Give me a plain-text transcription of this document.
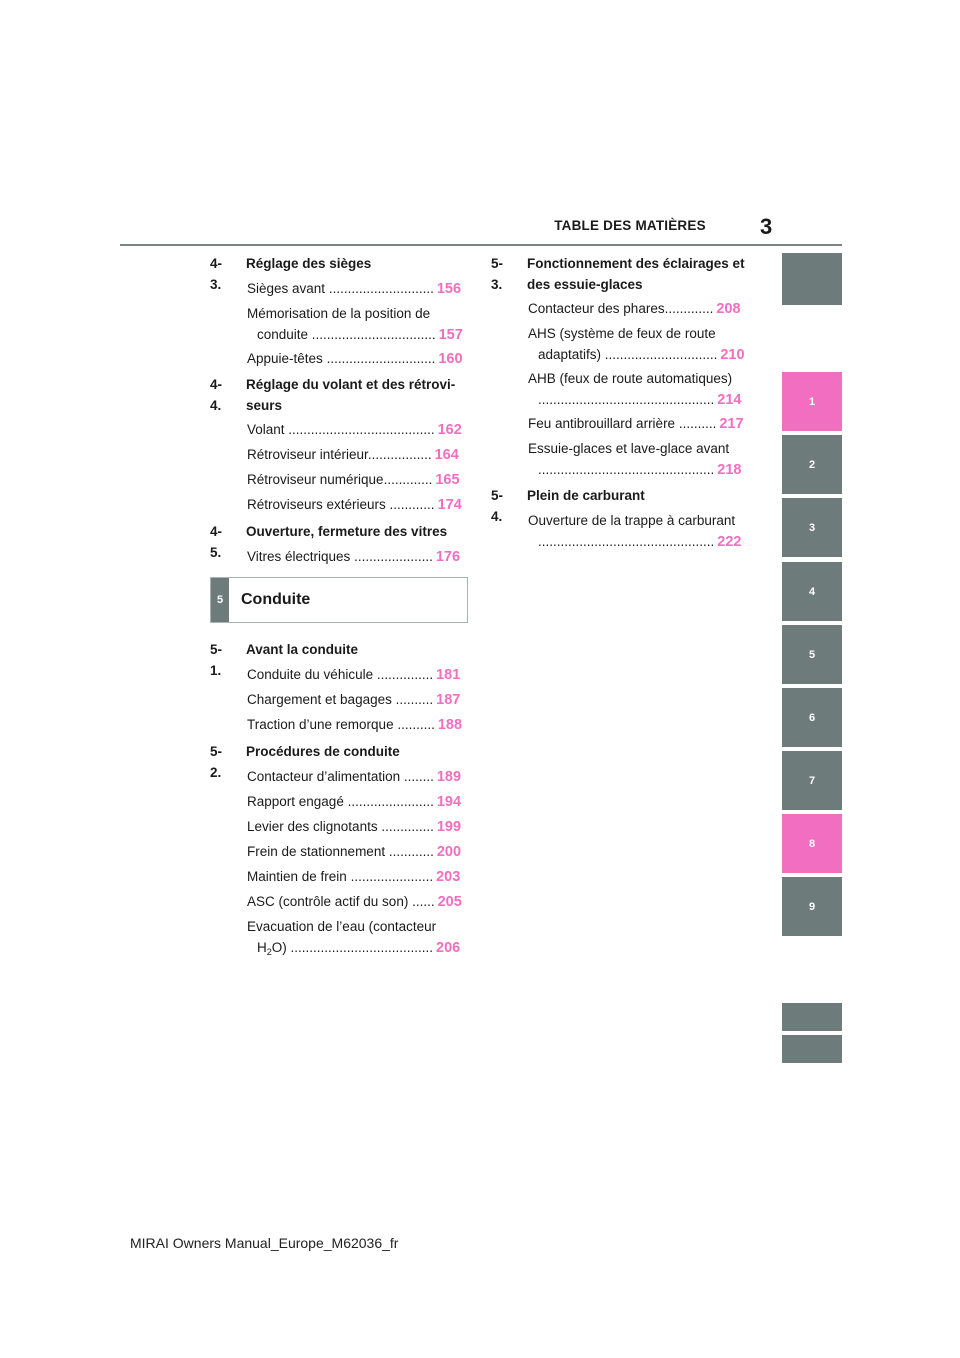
TABLE DES MATIÈRES	3
1
2
3
4
5
6
7
8
9
4-3.
Réglage des sièges
Sièges avant ............................ 156
Mémorisation de la position de
conduite ................................. 157
Appuie-têtes ............................. 160
4-4.
Réglage du volant et des rétrovi-
seurs
Volant ....................................... 162
Rétroviseur intérieur................. 164
Rétroviseur numérique............. 165
Rétroviseurs extérieurs ............ 174
4-5.
Ouverture, fermeture des vitres
Vitres électriques ..................... 176
5	Conduite
5-1.
Avant la conduite
Conduite du véhicule ............... 181
Chargement et bagages .......... 187
Traction d’une remorque .......... 188
5-2.
Procédures de conduite
Contacteur d’alimentation ........ 189
Rapport engagé ....................... 194
Levier des clignotants .............. 199
Frein de stationnement ............ 200
Maintien de frein ...................... 203
ASC (contrôle actif du son) ...... 205
Evacuation de l’eau (contacteur
$H_2O$) ...................................... 206
5-3.
Fonctionnement des éclairages et
des essuie-glaces
Contacteur des phares............. 208
AHS (système de feux de route
adaptatifs) .............................. 210
AHB (feux de route automatiques)
............................................... 214
Feu antibrouillard arrière .......... 217
Essuie-glaces et lave-glace avant
............................................... 218
5-4.
Plein de carburant
Ouverture de la trappe à carburant
............................................... 222
MIRAI Owners Manual_Europe_M62036_fr
